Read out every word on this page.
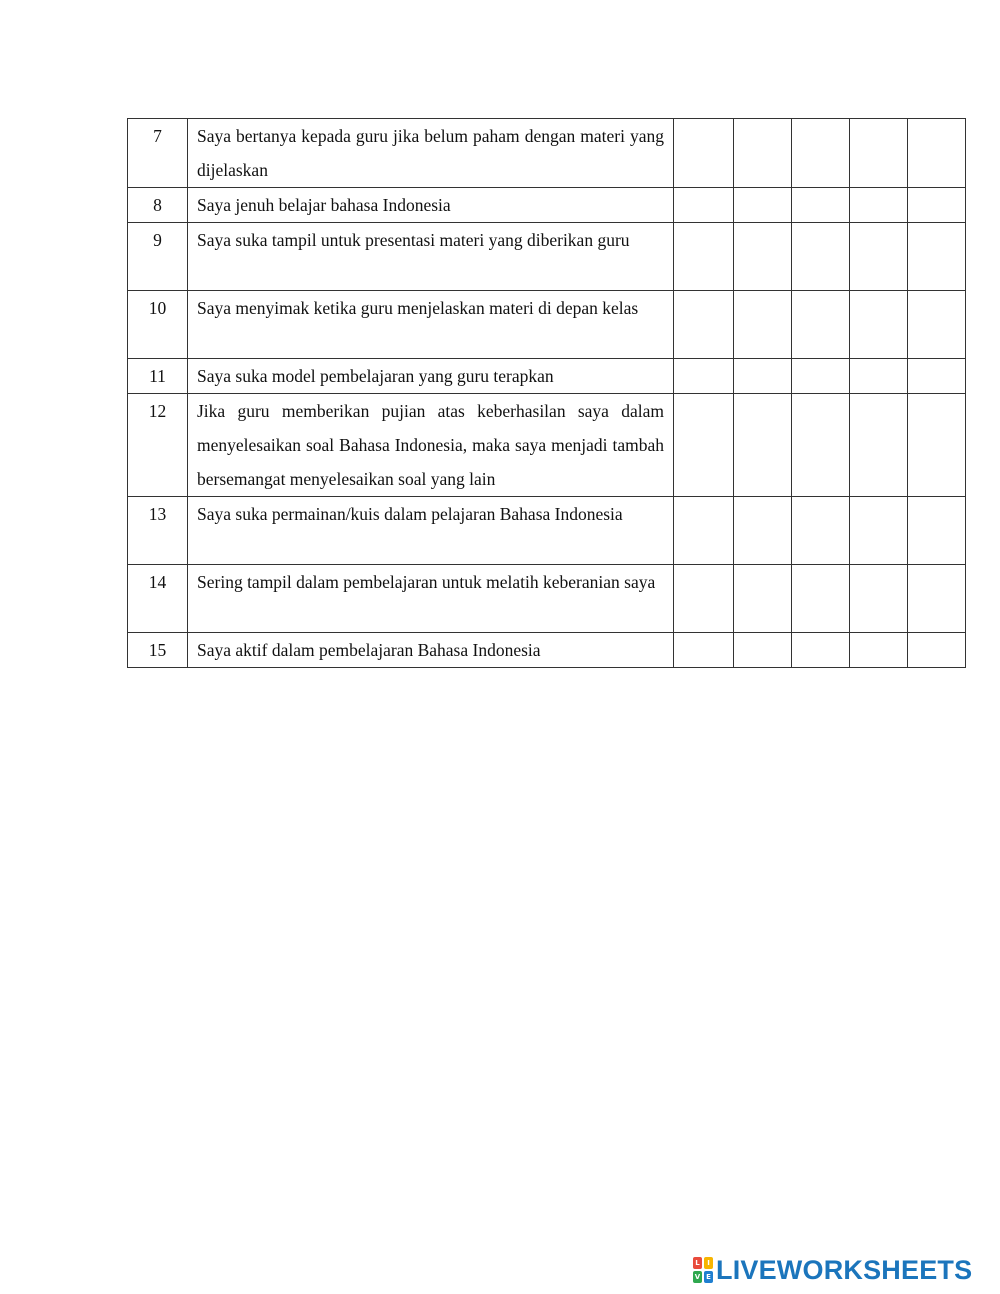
7	Saya bertanya kepada guru jika belum paham dengan materi yang dijelaskan					
8	Saya jenuh belajar bahasa Indonesia					
9	Saya suka tampil untuk presentasi materi yang diberikan guru					
10	Saya menyimak ketika guru menjelaskan materi di depan kelas					
11	Saya suka model pembelajaran yang guru terapkan					
12	Jika guru memberikan pujian atas keberhasilan saya dalam menyelesaikan soal Bahasa Indonesia, maka saya menjadi tambah bersemangat menyelesaikan soal yang lain					
13	Saya suka permainan/kuis dalam pelajaran Bahasa Indonesia					
14	Sering tampil dalam pembelajaran untuk melatih keberanian saya					
15	Saya aktif dalam pembelajaran Bahasa Indonesia					
L	I
V E LIVEWORKSHEETS
